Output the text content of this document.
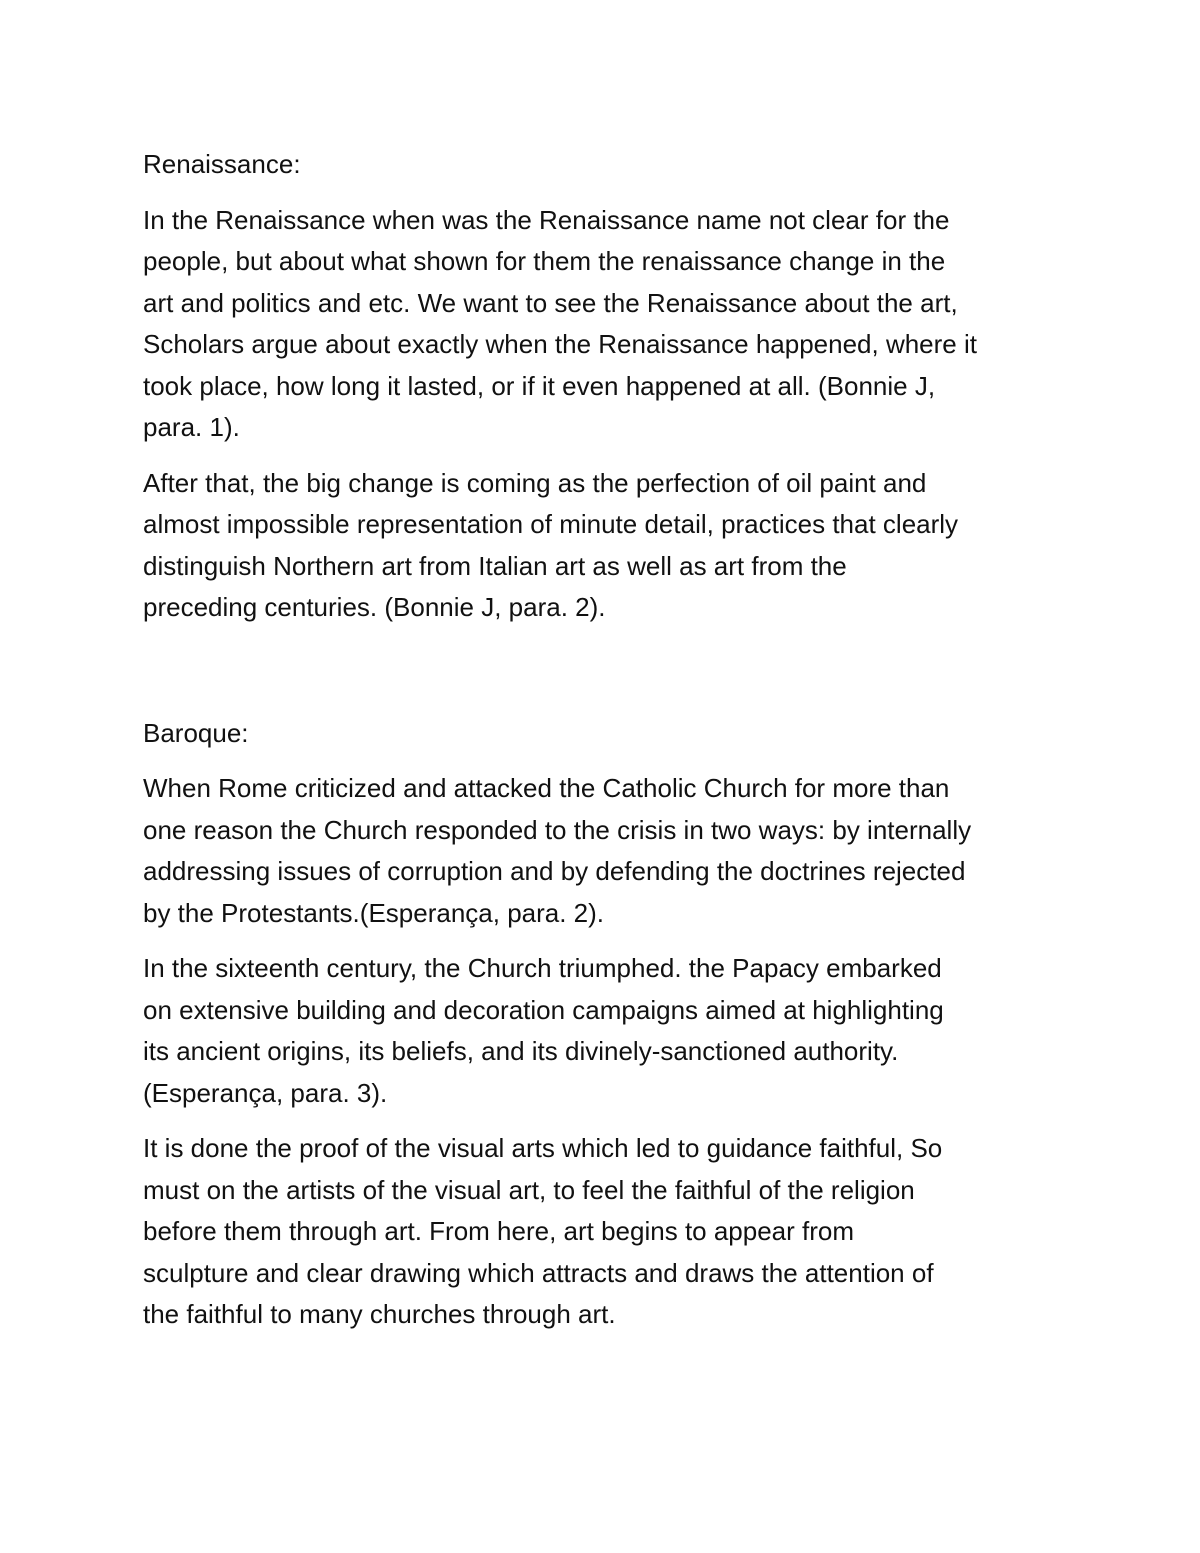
Renaissance:

In the Renaissance when was the Renaissance name not clear for the
people, but about what shown for them the renaissance change in the
art and politics and etc. We want to see the Renaissance about the art,
Scholars argue about exactly when the Renaissance happened, where it
took place, how long it lasted, or if it even happened at all. (Bonnie J,
para. 1).

After that, the big change is coming as the perfection of oil paint and
almost impossible representation of minute detail, practices that clearly
distinguish Northern art from Italian art as well as art from the
preceding centuries. (Bonnie J, para. 2).

Baroque:

When Rome criticized and attacked the Catholic Church for more than
one reason the Church responded to the crisis in two ways: by internally
addressing issues of corruption and by defending the doctrines rejected
by the Protestants.(Esperança, para. 2).

In the sixteenth century, the Church triumphed. the Papacy embarked
on extensive building and decoration campaigns aimed at highlighting
its ancient origins, its beliefs, and its divinely-sanctioned authority.
(Esperança, para. 3).

It is done the proof of the visual arts which led to guidance faithful, So
must on the artists of the visual art, to feel the faithful of the religion
before them through art. From here, art begins to appear from
sculpture and clear drawing which attracts and draws the attention of
the faithful to many churches through art.
